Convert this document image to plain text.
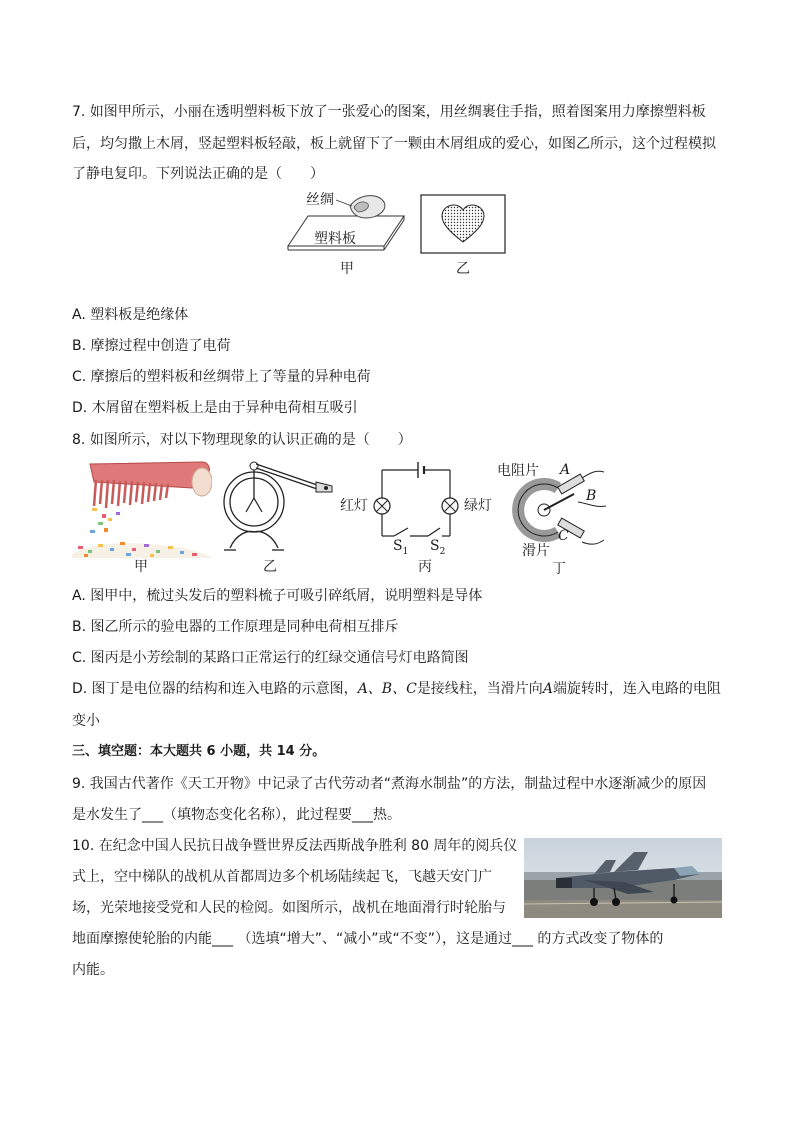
7. 如图甲所示，小丽在透明塑料板下放了一张爱心的图案，用丝绸裹住手指，照着图案用力摩擦塑料板
后，均匀撒上木屑，竖起塑料板轻敲，板上就留下了一颗由木屑组成的爱心，如图乙所示，这个过程模拟
了静电复印。下列说法正确的是（　　）
丝绸
塑料板
甲	乙
A. 塑料板是绝缘体
B. 摩擦过程中创造了电荷
C. 摩擦后的塑料板和丝绸带上了等量的异种电荷
D. 木屑留在塑料板上是由于异种电荷相互吸引
8. 如图所示，对以下物理现象的认识正确的是（　　）
红灯	绿灯
$S_1$ $S_2$
电阻片 A
B
滑片
C
甲	乙	丙	丁
A. 图甲中，梳过头发后的塑料梳子可吸引碎纸屑，说明塑料是导体
B. 图乙所示的验电器的工作原理是同种电荷相互排斥
C. 图丙是小芳绘制的某路口正常运行的红绿交通信号灯电路简图
D. 图丁是电位器的结构和连入电路的示意图，A、B、C是接线柱，当滑片向A端旋转时，连入电路的电阻
变小
三、填空题：本大题共 6 小题，共 14 分。
9. 我国古代著作《天工开物》中记录了古代劳动者“煮海水制盐”的方法，制盐过程中水逐渐减少的原因
是水发生了___（填物态变化名称），此过程要___热。
10. 在纪念中国人民抗日战争暨世界反法西斯战争胜利 80 周年的阅兵仪
式上，空中梯队的战机从首都周边多个机场陆续起飞，飞越天安门广
场，光荣地接受党和人民的检阅。如图所示，战机在地面滑行时轮胎与
地面摩擦使轮胎的内能___ （选填“增大”、“减小”或“不变”），这是通过___ 的方式改变了物体的
内能。
